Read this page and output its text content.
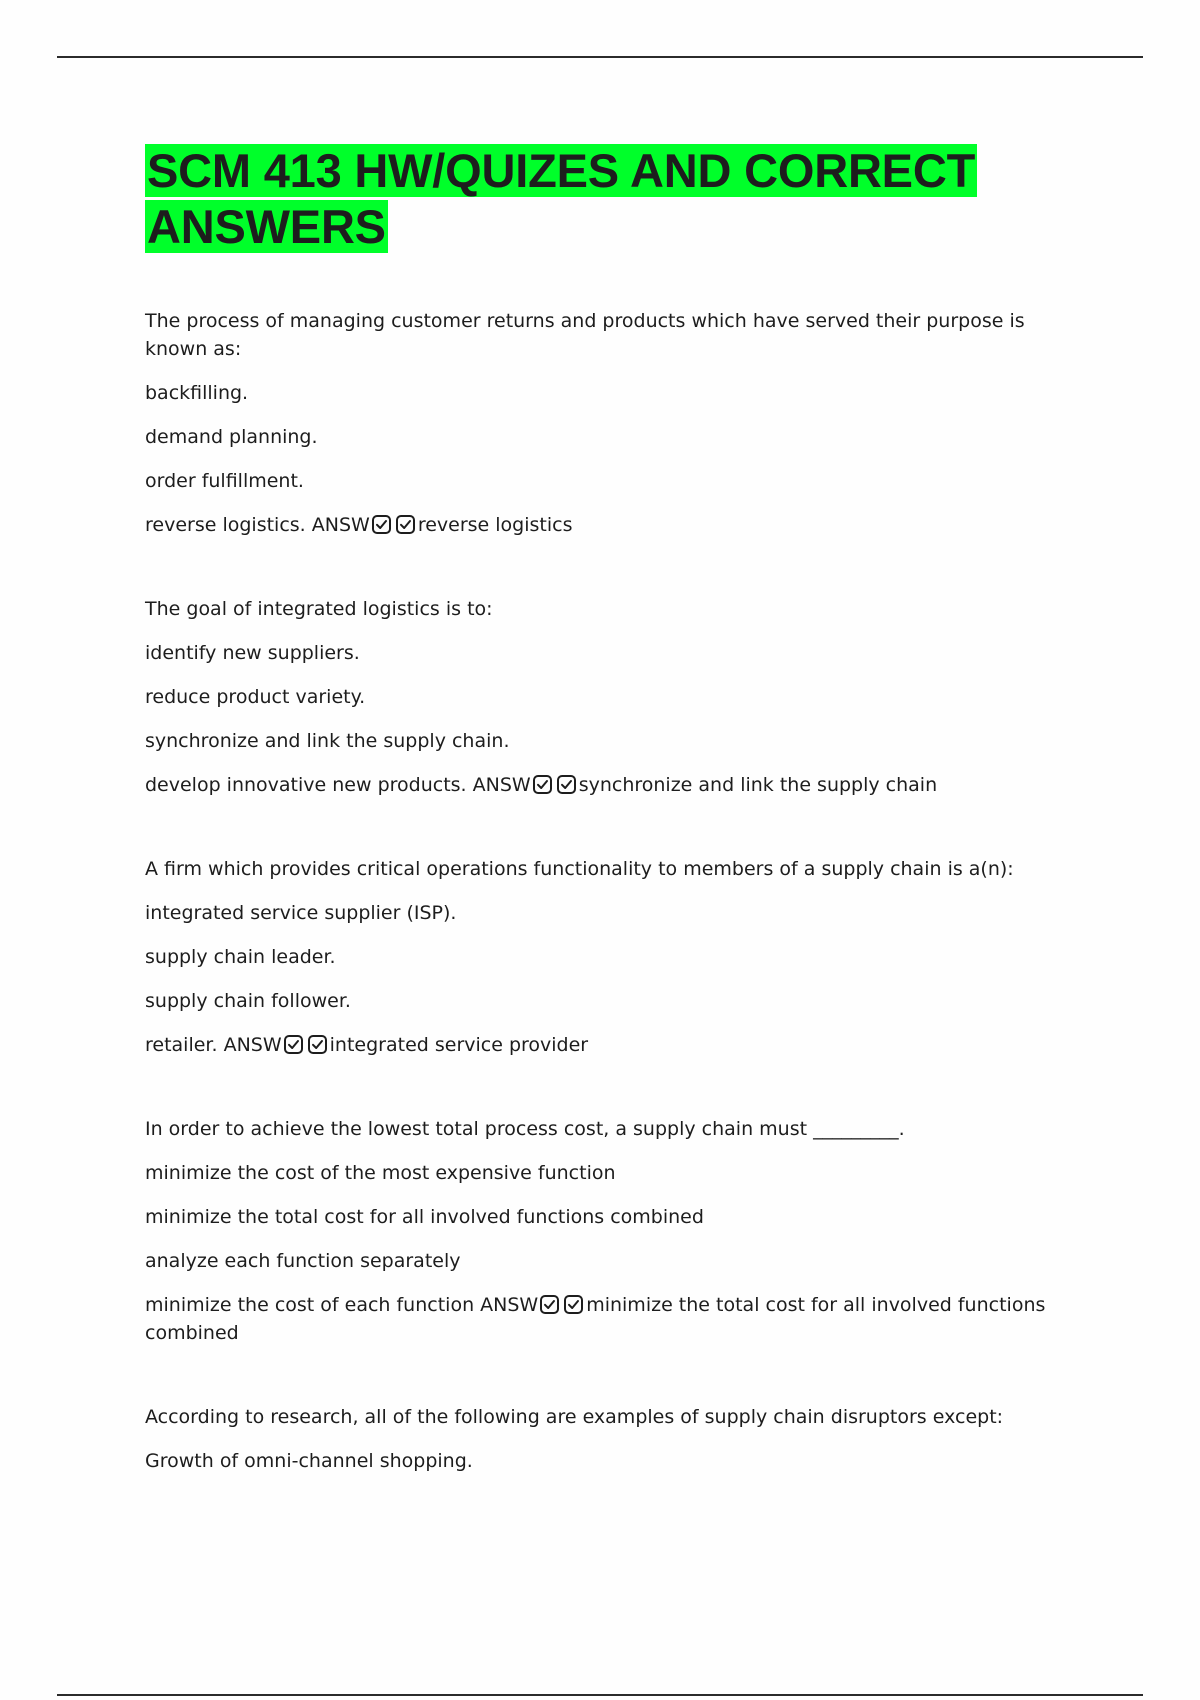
SCM 413 HW/QUIZES AND CORRECT ANSWERS

The process of managing customer returns and products which have served their purpose is known as:

backfilling.

demand planning.

order fulfillment.

reverse logistics. ANSW	reverse logistics

The goal of integrated logistics is to:

identify new suppliers.

reduce product variety.

synchronize and link the supply chain.

develop innovative new products. ANSW	synchronize and link the supply chain

A firm which provides critical operations functionality to members of a supply chain is a(n):

integrated service supplier (ISP).

supply chain leader.

supply chain follower.

retailer. ANSW	integrated service provider

In order to achieve the lowest total process cost, a supply chain must _________.

minimize the cost of the most expensive function

minimize the total cost for all involved functions combined

analyze each function separately

minimize the cost of each function ANSW	minimize the total cost for all involved functions combined

According to research, all of the following are examples of supply chain disruptors except:

Growth of omni-channel shopping.
